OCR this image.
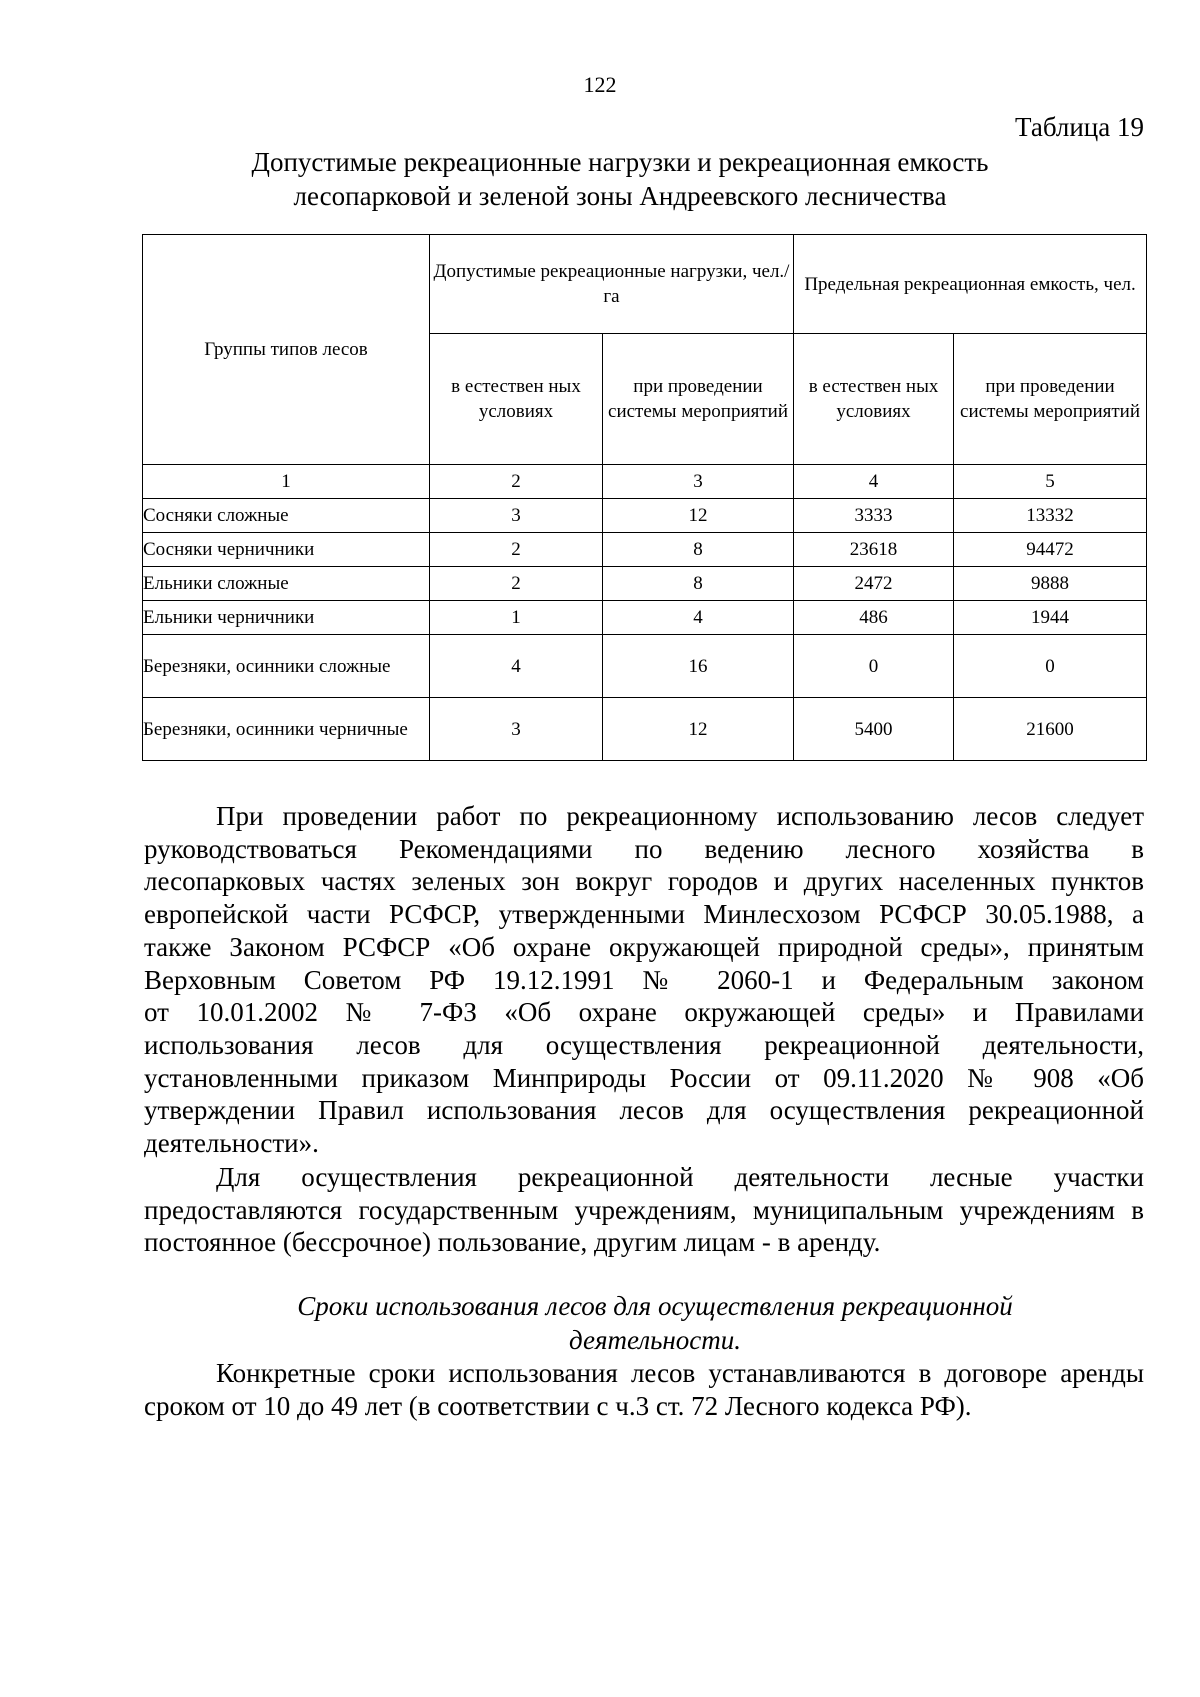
122
Таблица 19
Допустимые рекреационные нагрузки и рекреационная емкость
лесопарковой и зеленой зоны Андреевского лесничества
Группы типов лесов	Допустимые рекреационные нагрузки, чел./га		Предельная рекреационная емкость, чел.	
	в естествен ных условиях	при проведении системы мероприятий	в естествен ных условиях	при проведении системы мероприятий
1	2	3	4	5
Сосняки сложные	3	12	3333	13332
Сосняки черничники	2	8	23618	94472
Ельники сложные	2	8	2472	9888
Ельники черничники	1	4	486	1944
Березняки, осинники сложные	4	16	0	0
Березняки, осинники черничные	3	12	5400	21600
При проведении работ по рекреационному использованию лесов следует
руководствоваться Рекомендациями по ведению лесного хозяйства в
лесопарковых частях зеленых зон вокруг городов и других населенных пунктов
европейской части РСФСР, утвержденными Минлесхозом РСФСР 30.05.1988, а
также Законом РСФСР «Об охране окружающей природной среды», принятым
Верховным Советом РФ 19.12.1991 № 2060-1 и Федеральным законом
от 10.01.2002 № 7-ФЗ «Об охране окружающей среды» и Правилами
использования лесов для осуществления рекреационной деятельности,
установленными приказом Минприроды России от 09.11.2020 № 908 «Об
утверждении Правил использования лесов для осуществления рекреационной
деятельности».
Для осуществления рекреационной деятельности лесные участки
предоставляются государственным учреждениям, муниципальным учреждениям в
постоянное (бессрочное) пользование, другим лицам - в аренду.
Сроки использования лесов для осуществления рекреационной
деятельности.
Конкретные сроки использования лесов устанавливаются в договоре аренды
сроком от 10 до 49 лет (в соответствии с ч.3 ст. 72 Лесного кодекса РФ).
